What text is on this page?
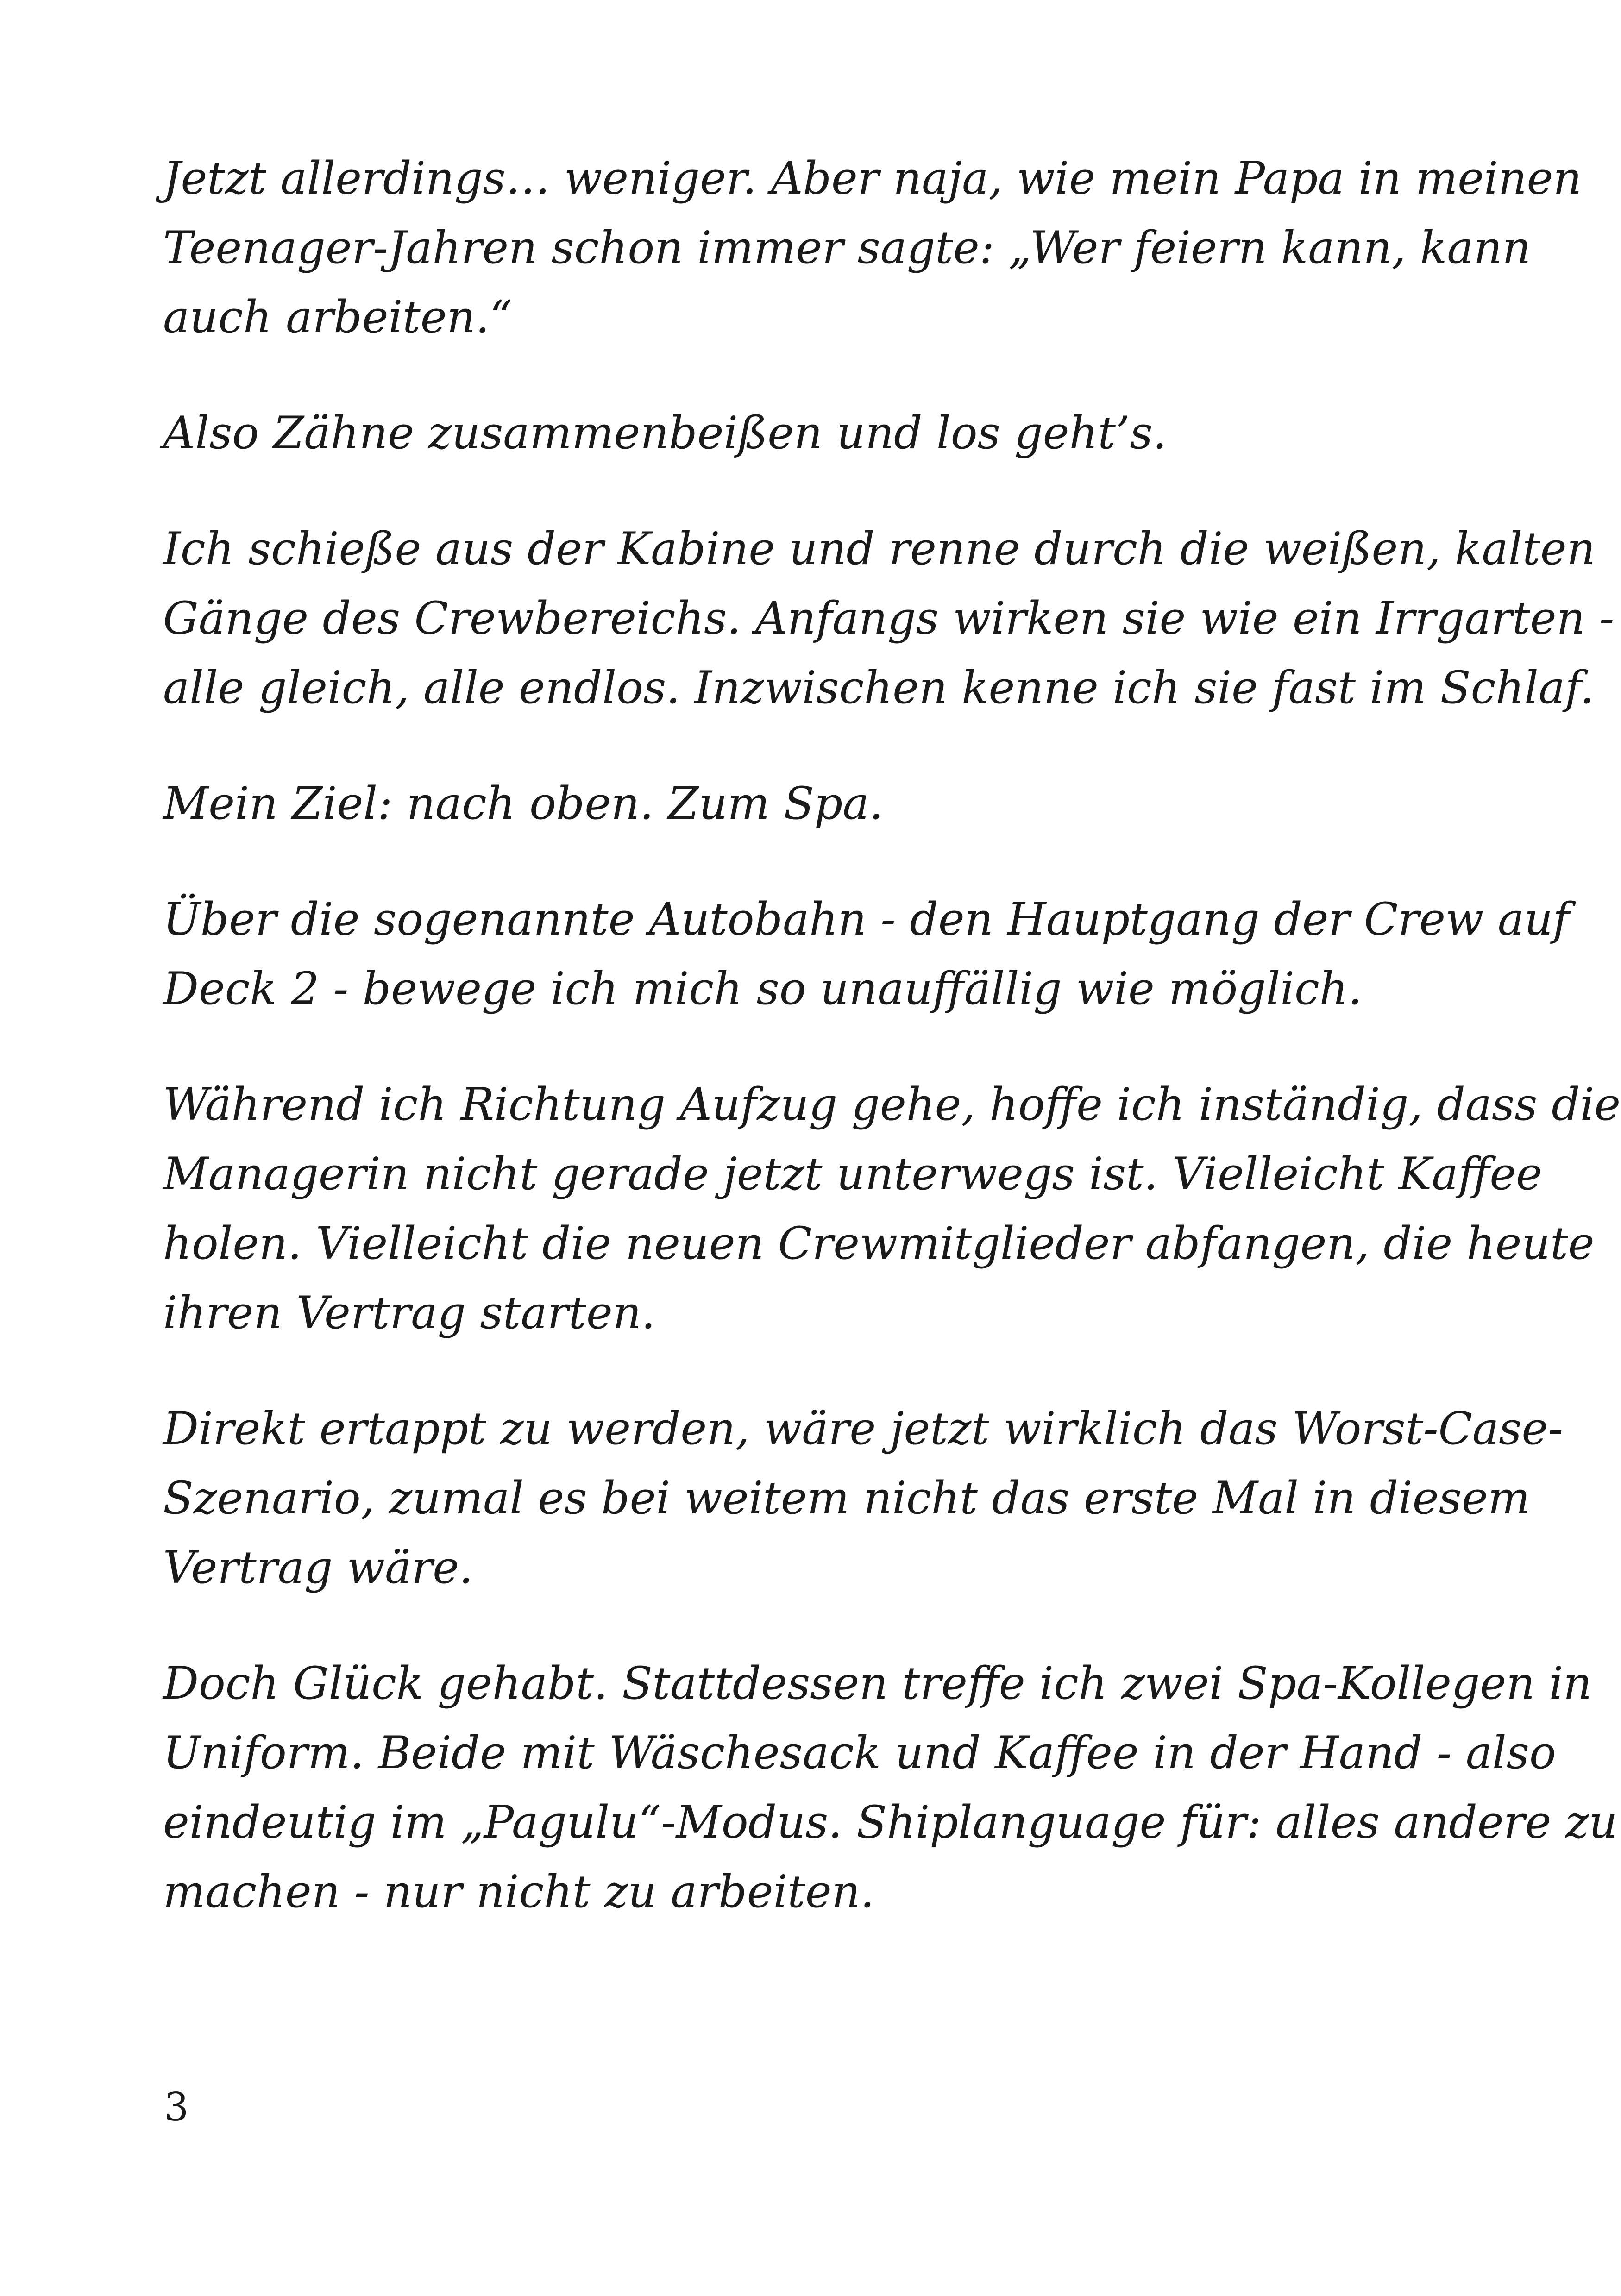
Jetzt allerdings… weniger. Aber naja, wie mein Papa in meinen
Teenager-Jahren schon immer sagte: „Wer feiern kann, kann
auch arbeiten.“

Also Zähne zusammenbeißen und los geht’s.

Ich schieße aus der Kabine und renne durch die weißen, kalten
Gänge des Crewbereichs. Anfangs wirken sie wie ein Irrgarten -
alle gleich, alle endlos. Inzwischen kenne ich sie fast im Schlaf.

Mein Ziel: nach oben. Zum Spa.

Über die sogenannte Autobahn - den Hauptgang der Crew auf
Deck 2 - bewege ich mich so unauffällig wie möglich.

Während ich Richtung Aufzug gehe, hoffe ich inständig, dass die
Managerin nicht gerade jetzt unterwegs ist. Vielleicht Kaffee
holen. Vielleicht die neuen Crewmitglieder abfangen, die heute
ihren Vertrag starten.

Direkt ertappt zu werden, wäre jetzt wirklich das Worst-Case-
Szenario, zumal es bei weitem nicht das erste Mal in diesem
Vertrag wäre.

Doch Glück gehabt. Stattdessen treffe ich zwei Spa-Kollegen in
Uniform. Beide mit Wäschesack und Kaffee in der Hand - also
eindeutig im „Pagulu“-Modus. Shiplanguage für: alles andere zu
machen - nur nicht zu arbeiten.

3
